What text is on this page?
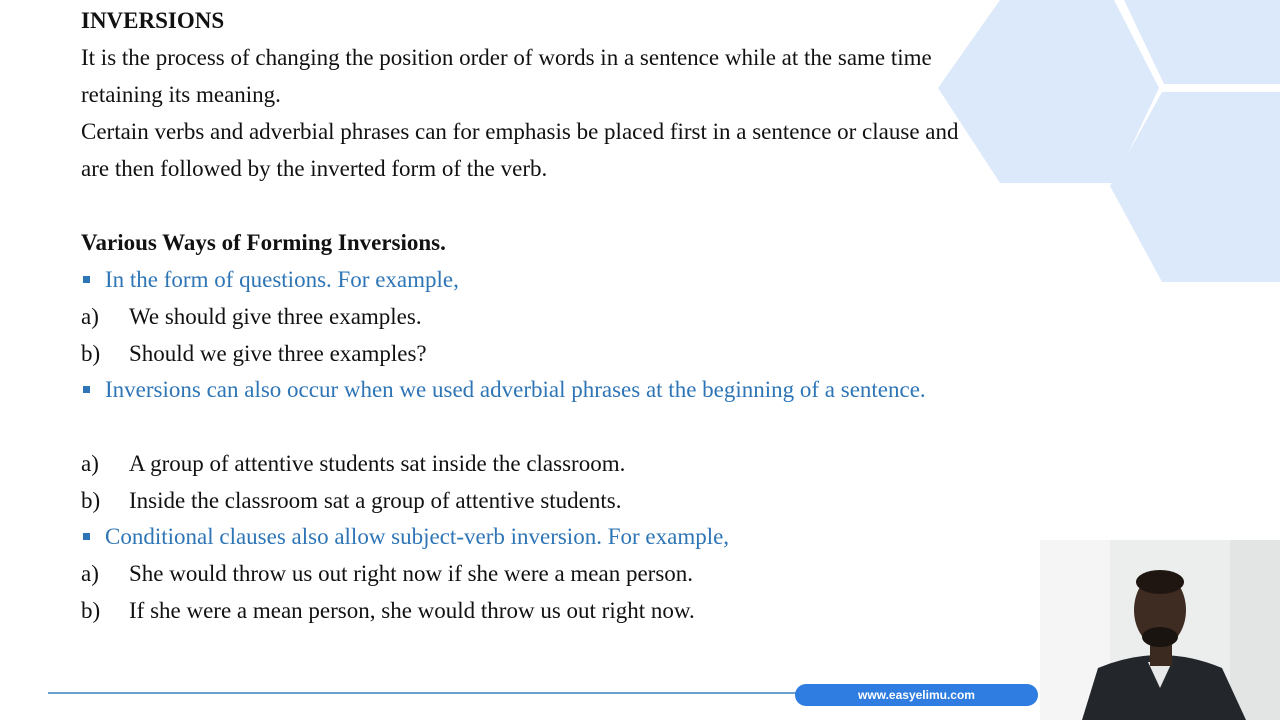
INVERSIONS
It is the process of changing the position order of words in a sentence while at the same time retaining its meaning.
Certain verbs and adverbial phrases can for emphasis be placed first in a sentence or clause and are then followed by the inverted form of the verb.
Various Ways of Forming Inversions.
In the form of questions. For example,
a) We should give three examples.
b) Should we give three examples?
Inversions can also occur when we used adverbial phrases at the beginning of a sentence.
a) A group of attentive students sat inside the classroom.
b) Inside the classroom sat a group of attentive students.
Conditional clauses also allow subject-verb inversion. For example,
a) She would throw us out right now if she were a mean person.
b) If she were a mean person, she would throw us out right now.
www.easyelimu.com
